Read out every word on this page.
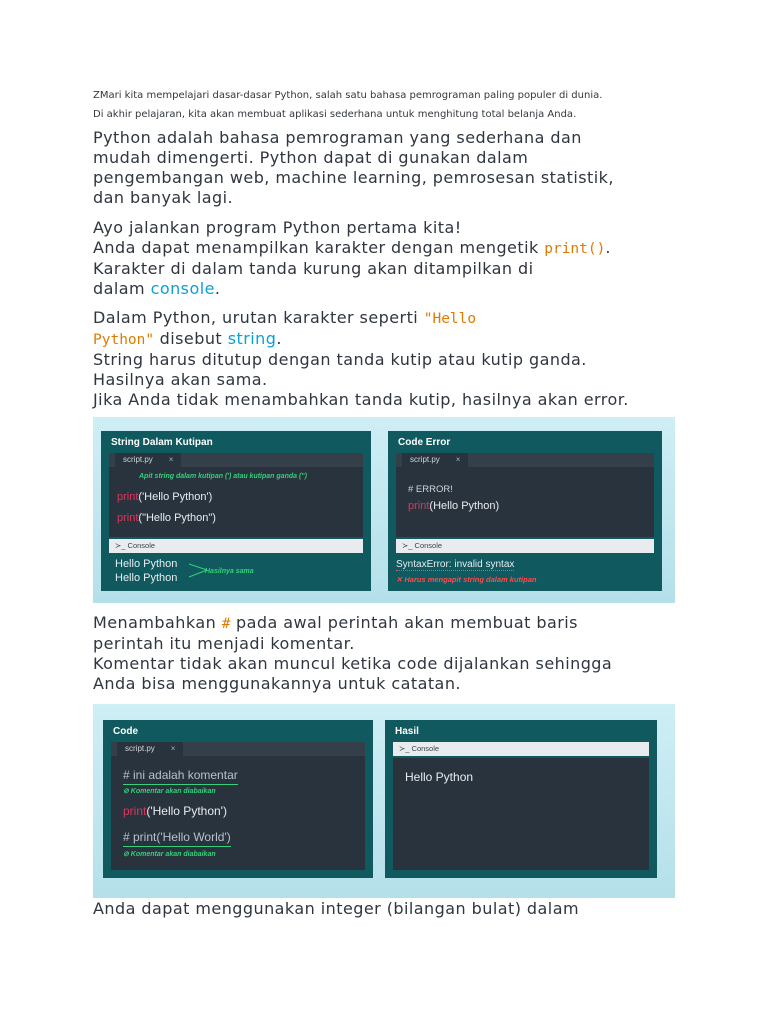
ZMari kita mempelajari dasar-dasar Python, salah satu bahasa pemrograman paling populer di dunia.
Di akhir pelajaran, kita akan membuat aplikasi sederhana untuk menghitung total belanja Anda.
Python adalah bahasa pemrograman yang sederhana dan
mudah dimengerti. Python dapat di gunakan dalam
pengembangan web, machine learning, pemrosesan statistik,
dan banyak lagi.
Ayo jalankan program Python pertama kita!
Anda dapat menampilkan karakter dengan mengetik print().
Karakter di dalam tanda kurung akan ditampilkan di
dalam console.
Dalam Python, urutan karakter seperti "Hello
Python" disebut string.
String harus ditutup dengan tanda kutip atau kutip ganda.
Hasilnya akan sama.
Jika Anda tidak menambahkan tanda kutip, hasilnya akan error.
String Dalam Kutipan
script.py ×
Apit string dalam kutipan (') atau kutipan ganda (")
print('Hello Python')
print("Hello Python")
≻_ Console
Hello Python
Hello Python
Hasilnya sama
Code Error
script.py ×
# ERROR!
print(Hello Python)
≻_ Console
SyntaxError: invalid syntax
✕ Harus mengapit string dalam kutipan
Menambahkan # pada awal perintah akan membuat baris
perintah itu menjadi komentar.
Komentar tidak akan muncul ketika code dijalankan sehingga
Anda bisa menggunakannya untuk catatan.
Code
script.py ×
# ini adalah komentar
⊘ Komentar akan diabaikan
print('Hello Python')
# print('Hello World')
⊘ Komentar akan diabaikan
Hasil
≻_ Console
Hello Python
Anda dapat menggunakan integer (bilangan bulat) dalam
